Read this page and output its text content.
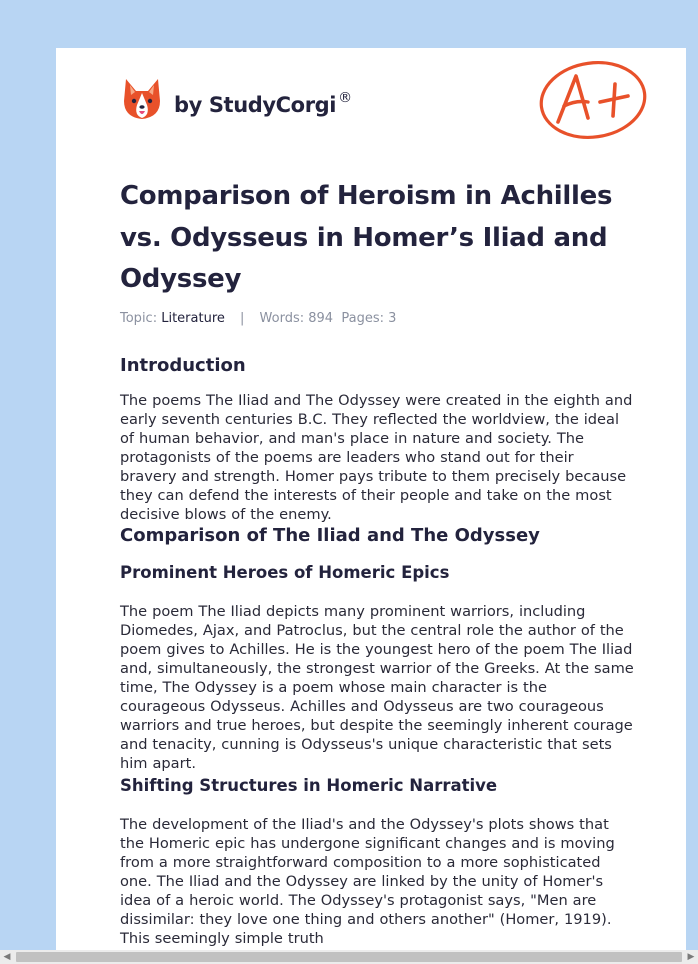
by StudyCorgi ®
Comparison of Heroism in Achilles vs. Odysseus in Homer’s Iliad and Odyssey
Topic: Literature | Words: 894 Pages: 3
Introduction

The poems The Iliad and The Odyssey were created in the eighth and early seventh centuries B.C. They reflected the worldview, the ideal of human behavior, and man's place in nature and society. The protagonists of the poems are leaders who stand out for their bravery and strength. Homer pays tribute to them precisely because they can defend the interests of their people and take on the most decisive blows of the enemy.

Comparison of The Iliad and The Odyssey
Prominent Heroes of Homeric Epics

The poem The Iliad depicts many prominent warriors, including Diomedes, Ajax, and Patroclus, but the central role the author of the poem gives to Achilles. He is the youngest hero of the poem The Iliad and, simultaneously, the strongest warrior of the Greeks. At the same time, The Odyssey is a poem whose main character is the courageous Odysseus. Achilles and Odysseus are two courageous warriors and true heroes, but despite the seemingly inherent courage and tenacity, cunning is Odysseus's unique characteristic that sets him apart.

Shifting Structures in Homeric Narrative

The development of the Iliad's and the Odyssey's plots shows that the Homeric epic has undergone significant changes and is moving from a more straightforward composition to a more sophisticated one. The Iliad and the Odyssey are linked by the unity of Homer's idea of a heroic world. The Odyssey's protagonist says, "Men are dissimilar: they love one thing and others another" (Homer, 1919). This seemingly simple truth

◀	▶
